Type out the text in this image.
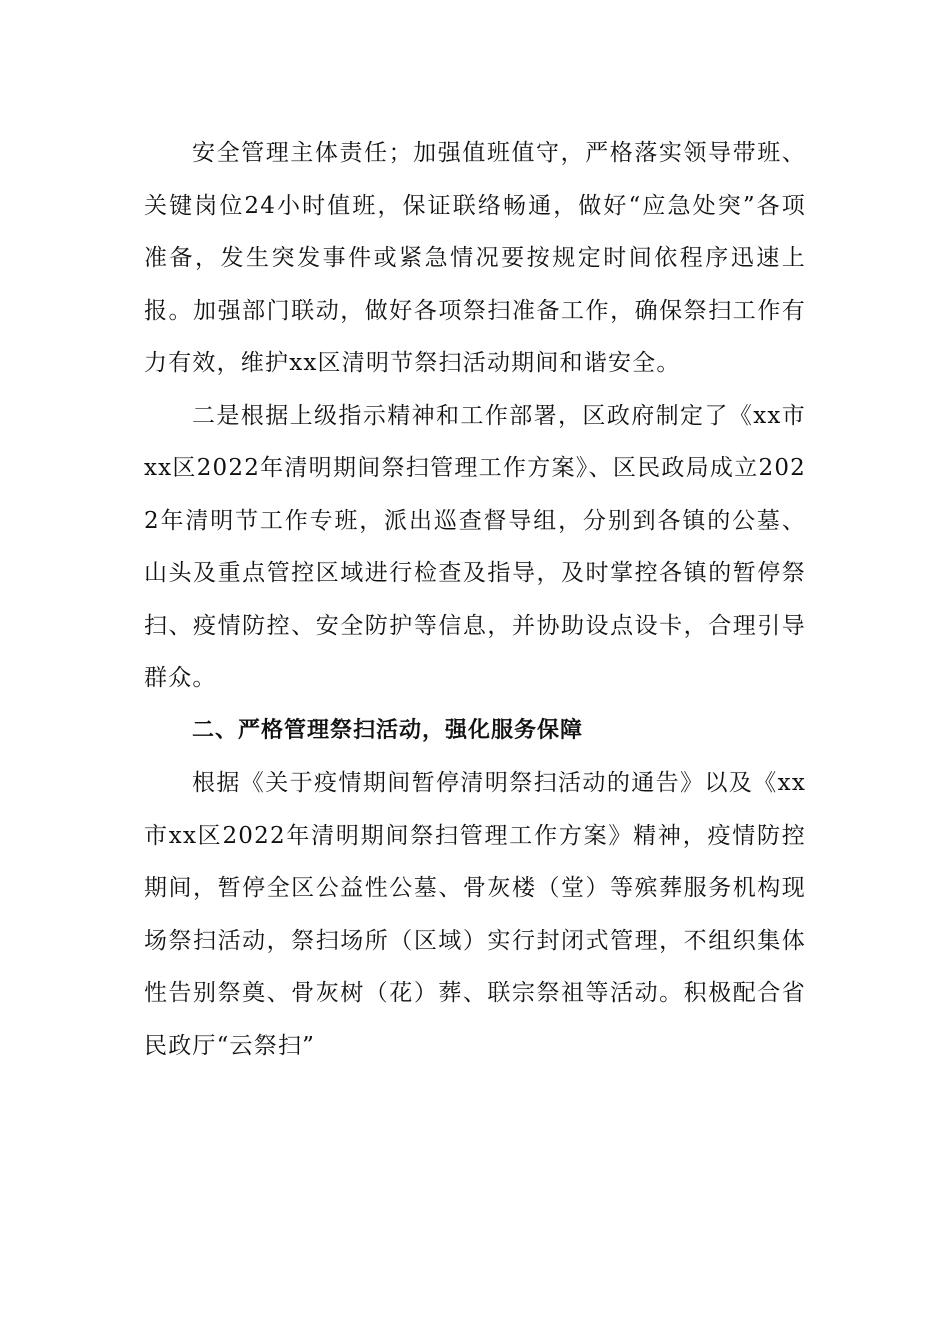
安全管理主体责任；加强值班值守，严格落实领导带班、关键岗位24小时值班，保证联络畅通，做好“应急处突”各项准备，发生突发事件或紧急情况要按规定时间依程序迅速上报。加强部门联动，做好各项祭扫准备工作，确保祭扫工作有力有效，维护xx区清明节祭扫活动期间和谐安全。

二是根据上级指示精神和工作部署，区政府制定了《xx市xx区2022年清明期间祭扫管理工作方案》、区民政局成立2022年清明节工作专班，派出巡查督导组，分别到各镇的公墓、山头及重点管控区域进行检查及指导，及时掌控各镇的暂停祭扫、疫情防控、安全防护等信息，并协助设点设卡，合理引导群众。

二、严格管理祭扫活动，强化服务保障

根据《关于疫情期间暂停清明祭扫活动的通告》以及《xx市xx区2022年清明期间祭扫管理工作方案》精神，疫情防控期间，暂停全区公益性公墓、骨灰楼（堂）等殡葬服务机构现场祭扫活动，祭扫场所（区域）实行封闭式管理，不组织集体性告别祭奠、骨灰树（花）葬、联宗祭祖等活动。积极配合省民政厅“云祭扫”
